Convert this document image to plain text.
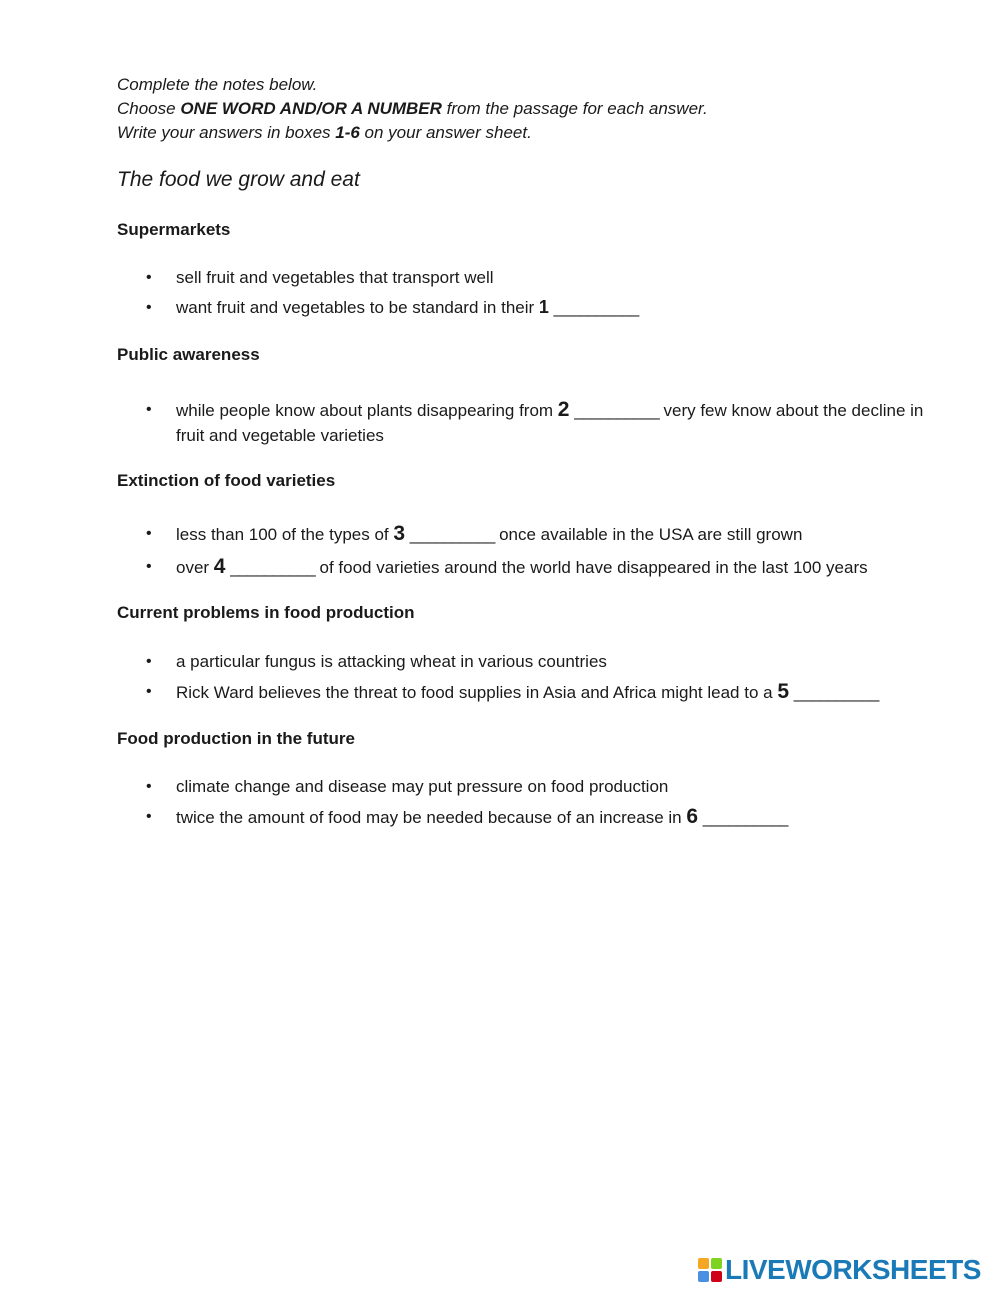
Complete the notes below.
Choose ONE WORD AND/OR A NUMBER from the passage for each answer.
Write your answers in boxes 1-6 on your answer sheet.
The food we grow and eat
Supermarkets
• sell fruit and vegetables that transport well
• want fruit and vegetables to be standard in their 1 __________
Public awareness
• while people know about plants disappearing from 2 __________ very few know about the decline in fruit and vegetable varieties
Extinction of food varieties
• less than 100 of the types of 3 __________ once available in the USA are still grown
• over 4 __________ of food varieties around the world have disappeared in the last 100 years
Current problems in food production
• a particular fungus is attacking wheat in various countries
• Rick Ward believes the threat to food supplies in Asia and Africa might lead to a 5 __________
Food production in the future
• climate change and disease may put pressure on food production
• twice the amount of food may be needed because of an increase in 6 __________
LIVEWORKSHEETS
